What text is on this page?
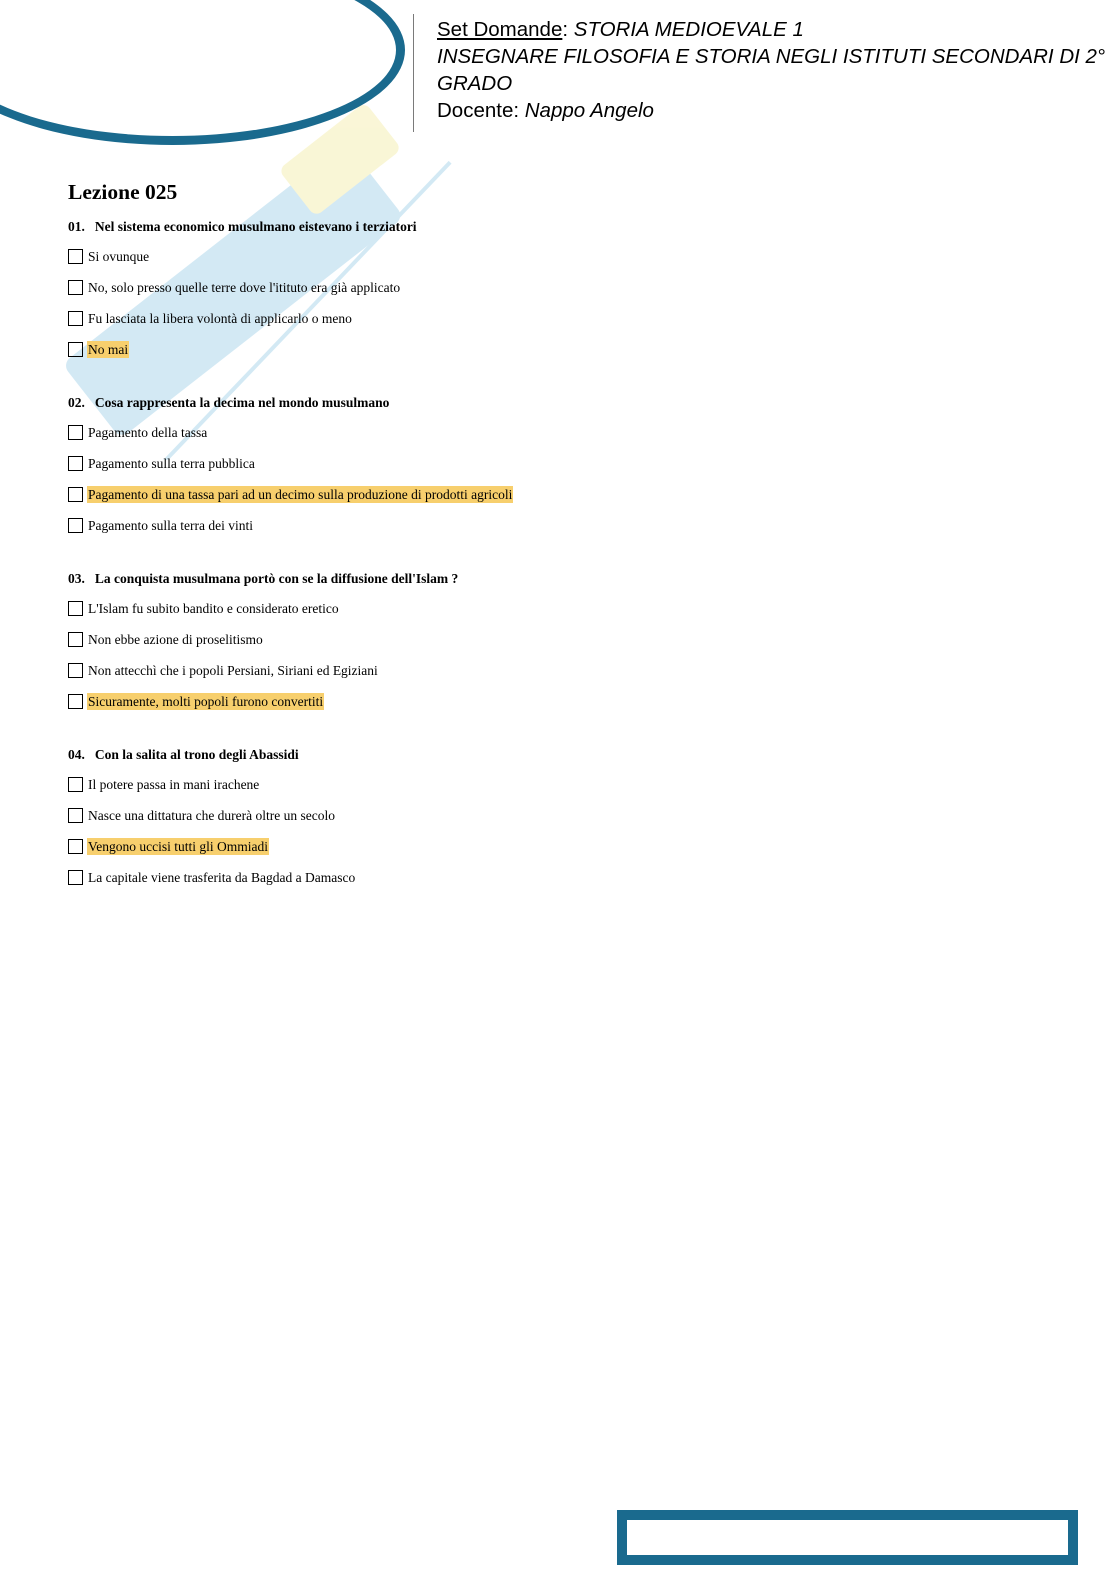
Set Domande: STORIA MEDIOEVALE 1
INSEGNARE FILOSOFIA E STORIA NEGLI ISTITUTI SECONDARI DI 2° GRADO
Docente: Nappo Angelo
Lezione 025
01. Nel sistema economico musulmano eistevano i terziatori
Si ovunque
No, solo presso quelle terre dove l'itituto era già applicato
Fu lasciata la libera volontà di applicarlo o meno
No mai
02. Cosa rappresenta la decima nel mondo musulmano
Pagamento della tassa
Pagamento sulla terra pubblica
Pagamento di una tassa pari ad un decimo sulla produzione di prodotti agricoli
Pagamento sulla terra dei vinti
03. La conquista musulmana portò con se la diffusione dell'Islam ?
L'Islam fu subito bandito e considerato eretico
Non ebbe azione di proselitismo
Non attecchì che i popoli Persiani, Siriani ed Egiziani
Sicuramente, molti popoli furono convertiti
04. Con la salita al trono degli Abassidi
Il potere passa in mani irachene
Nasce una dittatura che durerà oltre un secolo
Vengono uccisi tutti gli Ommiadi
La capitale viene trasferita da Bagdad a Damasco
